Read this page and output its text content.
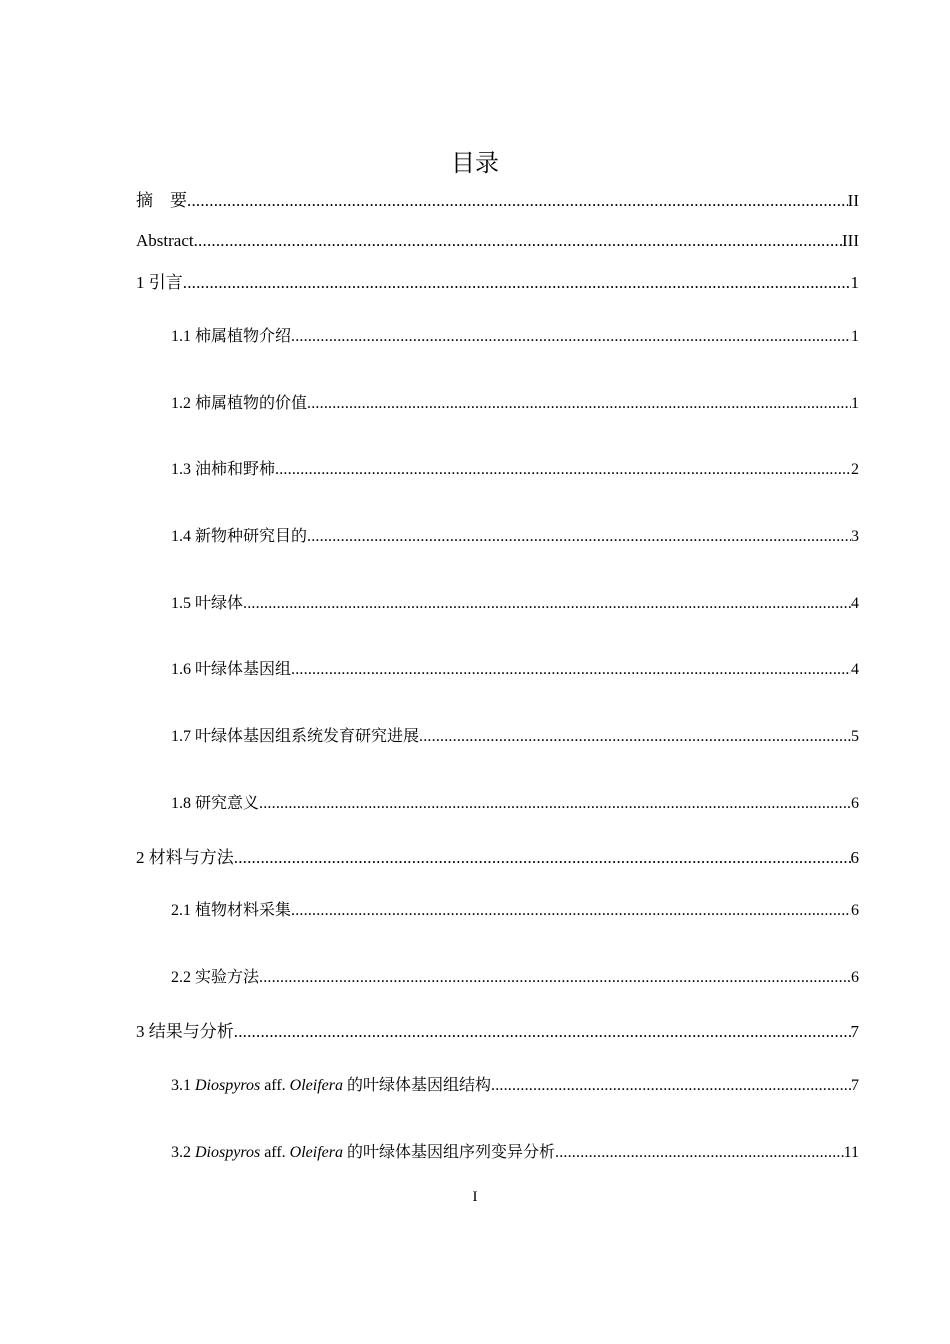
目录
摘　要 .....	II
Abstract .....	III
1 引言 .....	1
1.1 柿属植物介绍 .....	1
1.2 柿属植物的价值 .....	1
1.3 油柿和野柿 .....	2
1.4 新物种研究目的 .....	3
1.5 叶绿体 .....	4
1.6 叶绿体基因组 .....	4
1.7 叶绿体基因组系统发育研究进展 .....	5
1.8 研究意义 .....	6
2 材料与方法 .....	6
2.1 植物材料采集 .....	6
2.2 实验方法 .....	6
3 结果与分析 .....	7
3.1 Diospyros aff. Oleifera 的叶绿体基因组结构 .....	7
3.2 Diospyros aff. Oleifera 的叶绿体基因组序列变异分析 .....	11
I
